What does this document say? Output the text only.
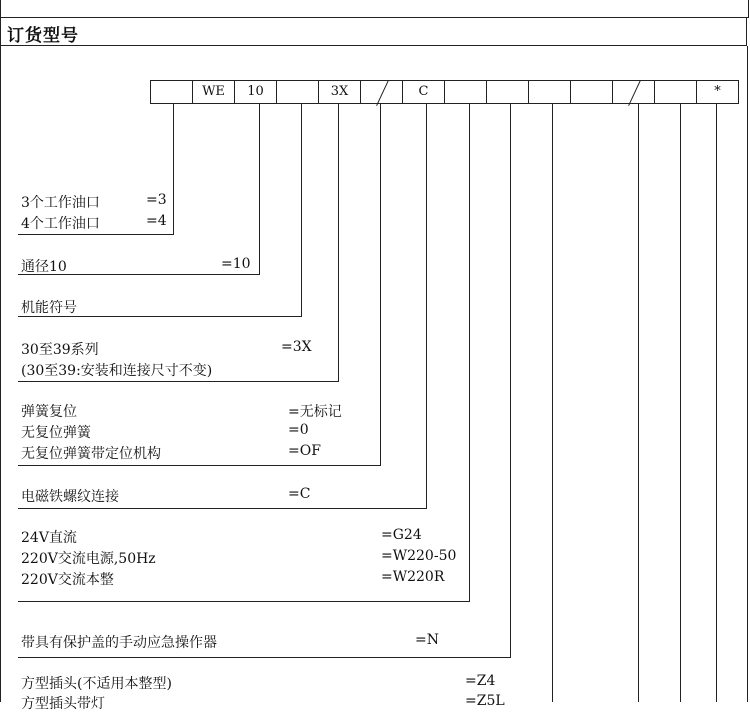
订货型号
WE	10	3X	C	*
3个工作油口	=3
4个工作油口	=4
通径10	=10
机能符号
30至39系列	=3X
(30至39:安装和连接尺寸不变)
弹簧复位	=无标记
无复位弹簧	=0
无复位弹簧带定位机构	=OF
电磁铁螺纹连接	=C
24V直流	=G24
220V交流电源,50Hz	=W220-50
220V交流本整	=W220R
带具有保护盖的手动应急操作器	=N
方型插头(不适用本整型)	=Z4
方型插头带灯	=Z5L
